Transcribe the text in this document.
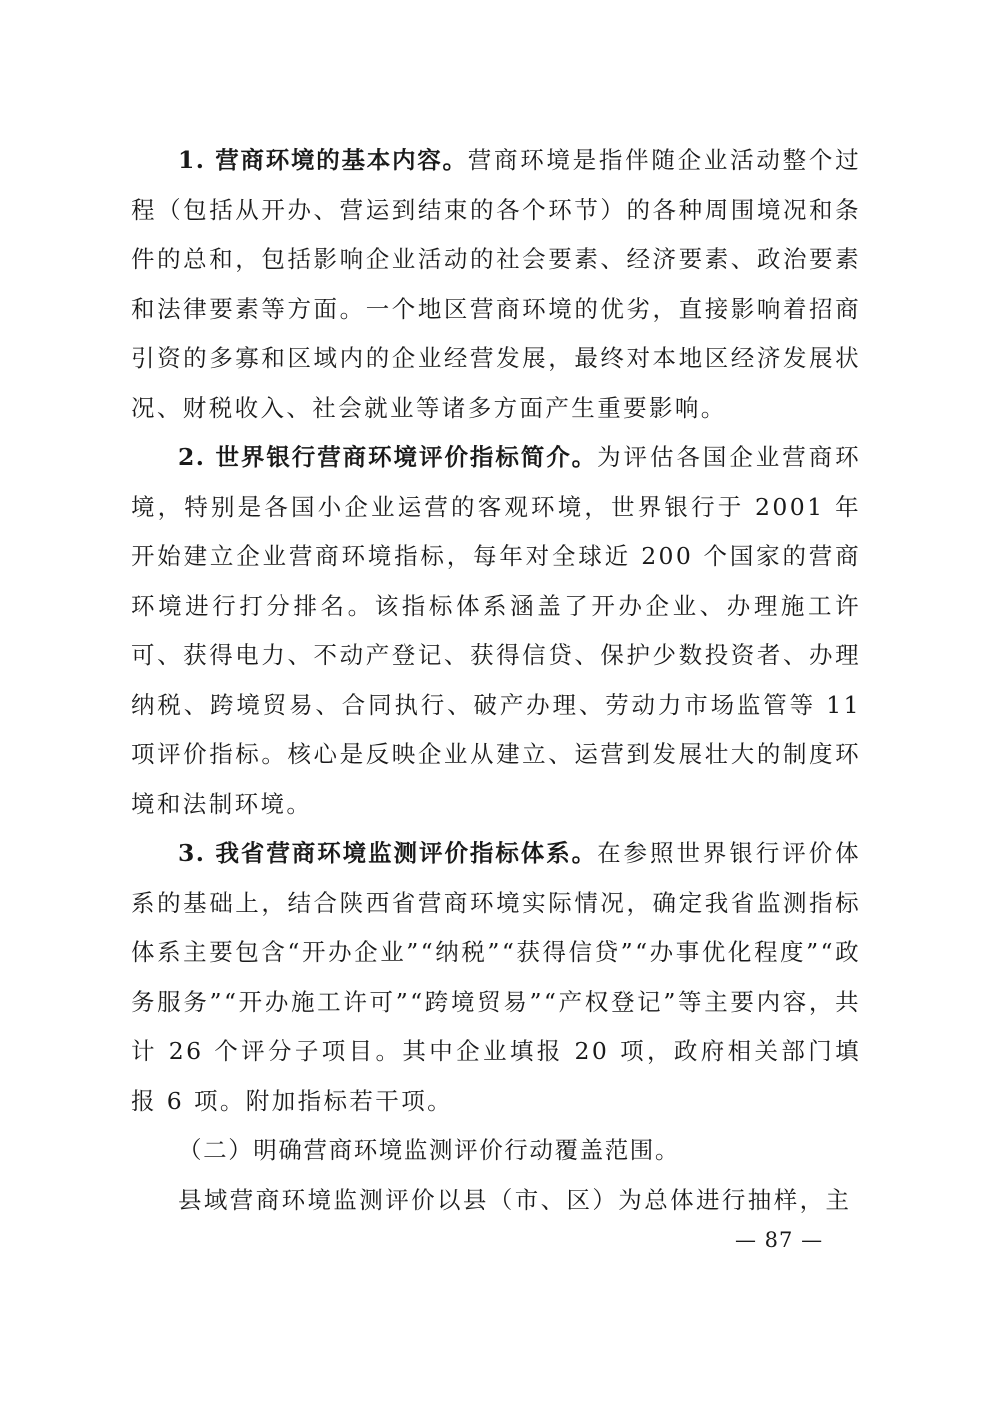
1. 营商环境的基本内容。营商环境是指伴随企业活动整个过程（包括从开办、营运到结束的各个环节）的各种周围境况和条件的总和，包括影响企业活动的社会要素、经济要素、政治要素和法律要素等方面。一个地区营商环境的优劣，直接影响着招商引资的多寡和区域内的企业经营发展，最终对本地区经济发展状况、财税收入、社会就业等诸多方面产生重要影响。

2. 世界银行营商环境评价指标简介。为评估各国企业营商环境，特别是各国小企业运营的客观环境，世界银行于 2001 年开始建立企业营商环境指标，每年对全球近 200 个国家的营商环境进行打分排名。该指标体系涵盖了开办企业、办理施工许可、获得电力、不动产登记、获得信贷、保护少数投资者、办理纳税、跨境贸易、合同执行、破产办理、劳动力市场监管等 11 项评价指标。核心是反映企业从建立、运营到发展壮大的制度环境和法制环境。

3. 我省营商环境监测评价指标体系。在参照世界银行评价体系的基础上，结合陕西省营商环境实际情况，确定我省监测指标体系主要包含“开办企业”“纳税”“获得信贷”“办事优化程度”“政务服务”“开办施工许可”“跨境贸易”“产权登记”等主要内容，共计 26 个评分子项目。其中企业填报 20 项，政府相关部门填报 6 项。附加指标若干项。

（二）明确营商环境监测评价行动覆盖范围。

县域营商环境监测评价以县（市、区）为总体进行抽样，主

— 87 —
